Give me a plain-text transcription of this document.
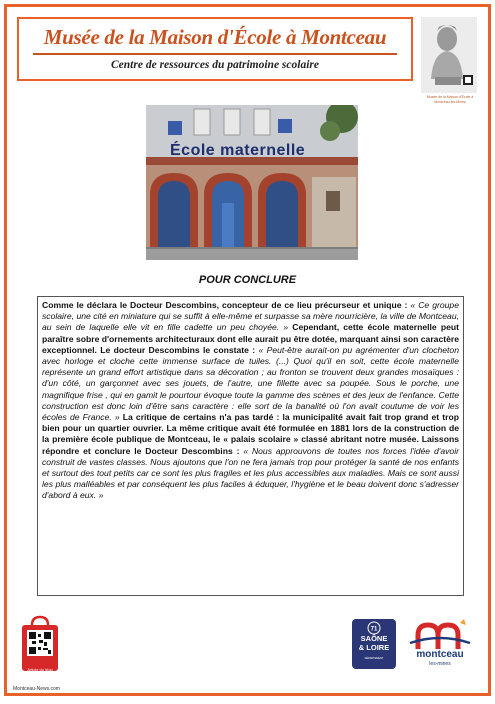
Musée de la Maison d'École à Montceau
Centre de ressources du patrimoine scolaire
Musée de la Maison d'École à Montceau-les-Mines
École maternelle
POUR CONCLURE

Comme le déclara le Docteur Descombins, concepteur de ce lieu précurseur et unique : « Ce groupe scolaire, une cité en miniature qui se suffit à elle-même et surpasse sa mère nourricière, la ville de Montceau, au sein de laquelle elle vit en fille cadette un peu choyée. » Cependant, cette école maternelle peut paraître sobre d'ornements architecturaux dont elle aurait pu être dotée, marquant ainsi son caractère exceptionnel. Le docteur Descombins le constate : « Peut-être aurait-on pu agrémenter d'un clocheton avec horloge et cloche cette immense surface de tuiles. (...) Quoi qu'il en soit, cette école maternelle représente un grand effort artistique dans sa décoration ; au fronton se trouvent deux grandes mosaïques : d'un côté, un garçonnet avec ses jouets, de l'autre, une fillette avec sa poupée. Sous le porche, une magnifique frise , qui en gamit le pourtour évoque toute la gamme des scènes et des jeux de l'enfance. Cette construction est donc loin d'être sans caractère : elle sort de la banalité où l'on avait coutume de voir les écoles de France. » La critique de certains n'a pas tardé : la municipalité avait fait trop grand et trop bien pour un quartier ouvrier. La même critique avait été formulée en 1881 lors de la construction de la première école publique de Montceau, le « palais scolaire » classé abritant notre musée. Laissons répondre et conclure le Docteur Descombins : « Nous approuvons de toutes nos forces l'idée d'avoir construit de vastes classes. Nous ajoutons que l'on ne fera jamais trop pour protéger la santé de nos enfants et surtout des tout petits car ce sont les plus fragiles et les plus accessibles aux maladies. Mais ce sont aussi les plus malléables et par conséquent les plus faciles à éduquer, l'hygiène et le beau doivent donc s'adresser d'abord à eux. »

Article du blog
Montceau-News.com
71
SAÔNE
& LOIRE
DÉPARTEMENT	montceau
les-mines
